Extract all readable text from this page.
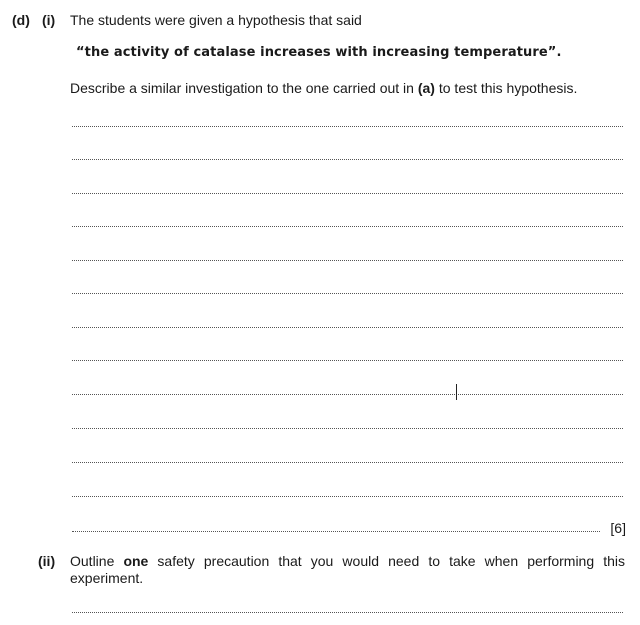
(d) (i) The students were given a hypothesis that said
“the activity of catalase increases with increasing temperature”.
Describe a similar investigation to the one carried out in (a) to test this hypothesis.
[6]
(ii) Outline one safety precaution that you would need to take when performing this experiment.
